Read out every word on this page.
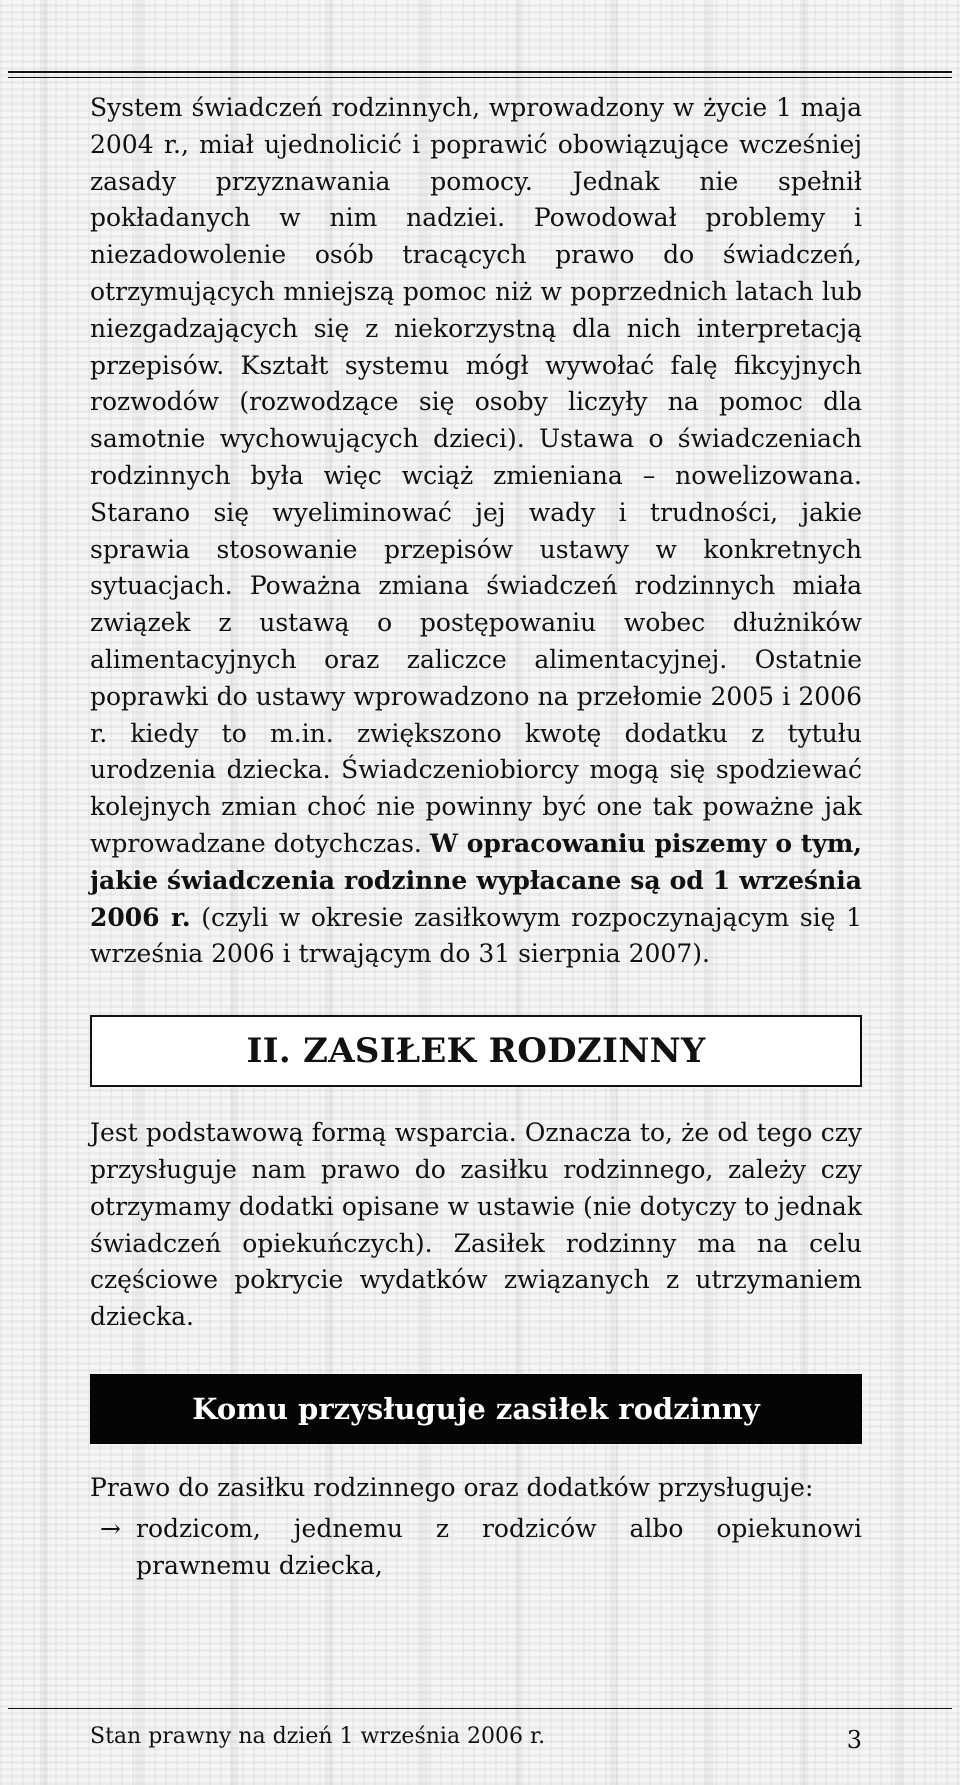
System świadczeń rodzinnych, wprowadzony w życie 1 maja 2004 r., miał ujednolicić i poprawić obowiązujące wcześniej zasady przyznawania pomocy. Jednak nie spełnił pokładanych w nim nadziei. Powodował problemy i niezadowolenie osób tracących prawo do świadczeń, otrzymujących mniejszą pomoc niż w poprzednich latach lub niezgadzających się z niekorzystną dla nich interpretacją przepisów. Kształt systemu mógł wywołać falę fikcyjnych rozwodów (rozwodzące się osoby liczyły na pomoc dla samotnie wychowujących dzieci). Ustawa o świadczeniach rodzinnych była więc wciąż zmieniana – nowelizowana. Starano się wyeliminować jej wady i trudności, jakie sprawia stosowanie przepisów ustawy w konkretnych sytuacjach. Poważna zmiana świadczeń rodzinnych miała związek z ustawą o postępowaniu wobec dłużników alimentacyjnych oraz zaliczce alimentacyjnej. Ostatnie poprawki do ustawy wprowadzono na przełomie 2005 i 2006 r. kiedy to m.in. zwiększono kwotę dodatku z tytułu urodzenia dziecka. Świadczeniobiorcy mogą się spodziewać kolejnych zmian choć nie powinny być one tak poważne jak wprowadzane dotychczas. W opracowaniu piszemy o tym, jakie świadczenia rodzinne wypłacane są od 1 września 2006 r. (czyli w okresie zasiłkowym rozpoczynającym się 1 września 2006 i trwającym do 31 sierpnia 2007).

II. ZASIŁEK RODZINNY

Jest podstawową formą wsparcia. Oznacza to, że od tego czy przysługuje nam prawo do zasiłku rodzinnego, zależy czy otrzymamy dodatki opisane w ustawie (nie dotyczy to jednak świadczeń opiekuńczych). Zasiłek rodzinny ma na celu częściowe pokrycie wydatków związanych z utrzymaniem dziecka.

Komu przysługuje zasiłek rodzinny

Prawo do zasiłku rodzinnego oraz dodatków przysługuje:

→ rodzicom, jednemu z rodziców albo opiekunowi prawnemu dziecka,
Stan prawny na dzień 1 września 2006 r.	3
